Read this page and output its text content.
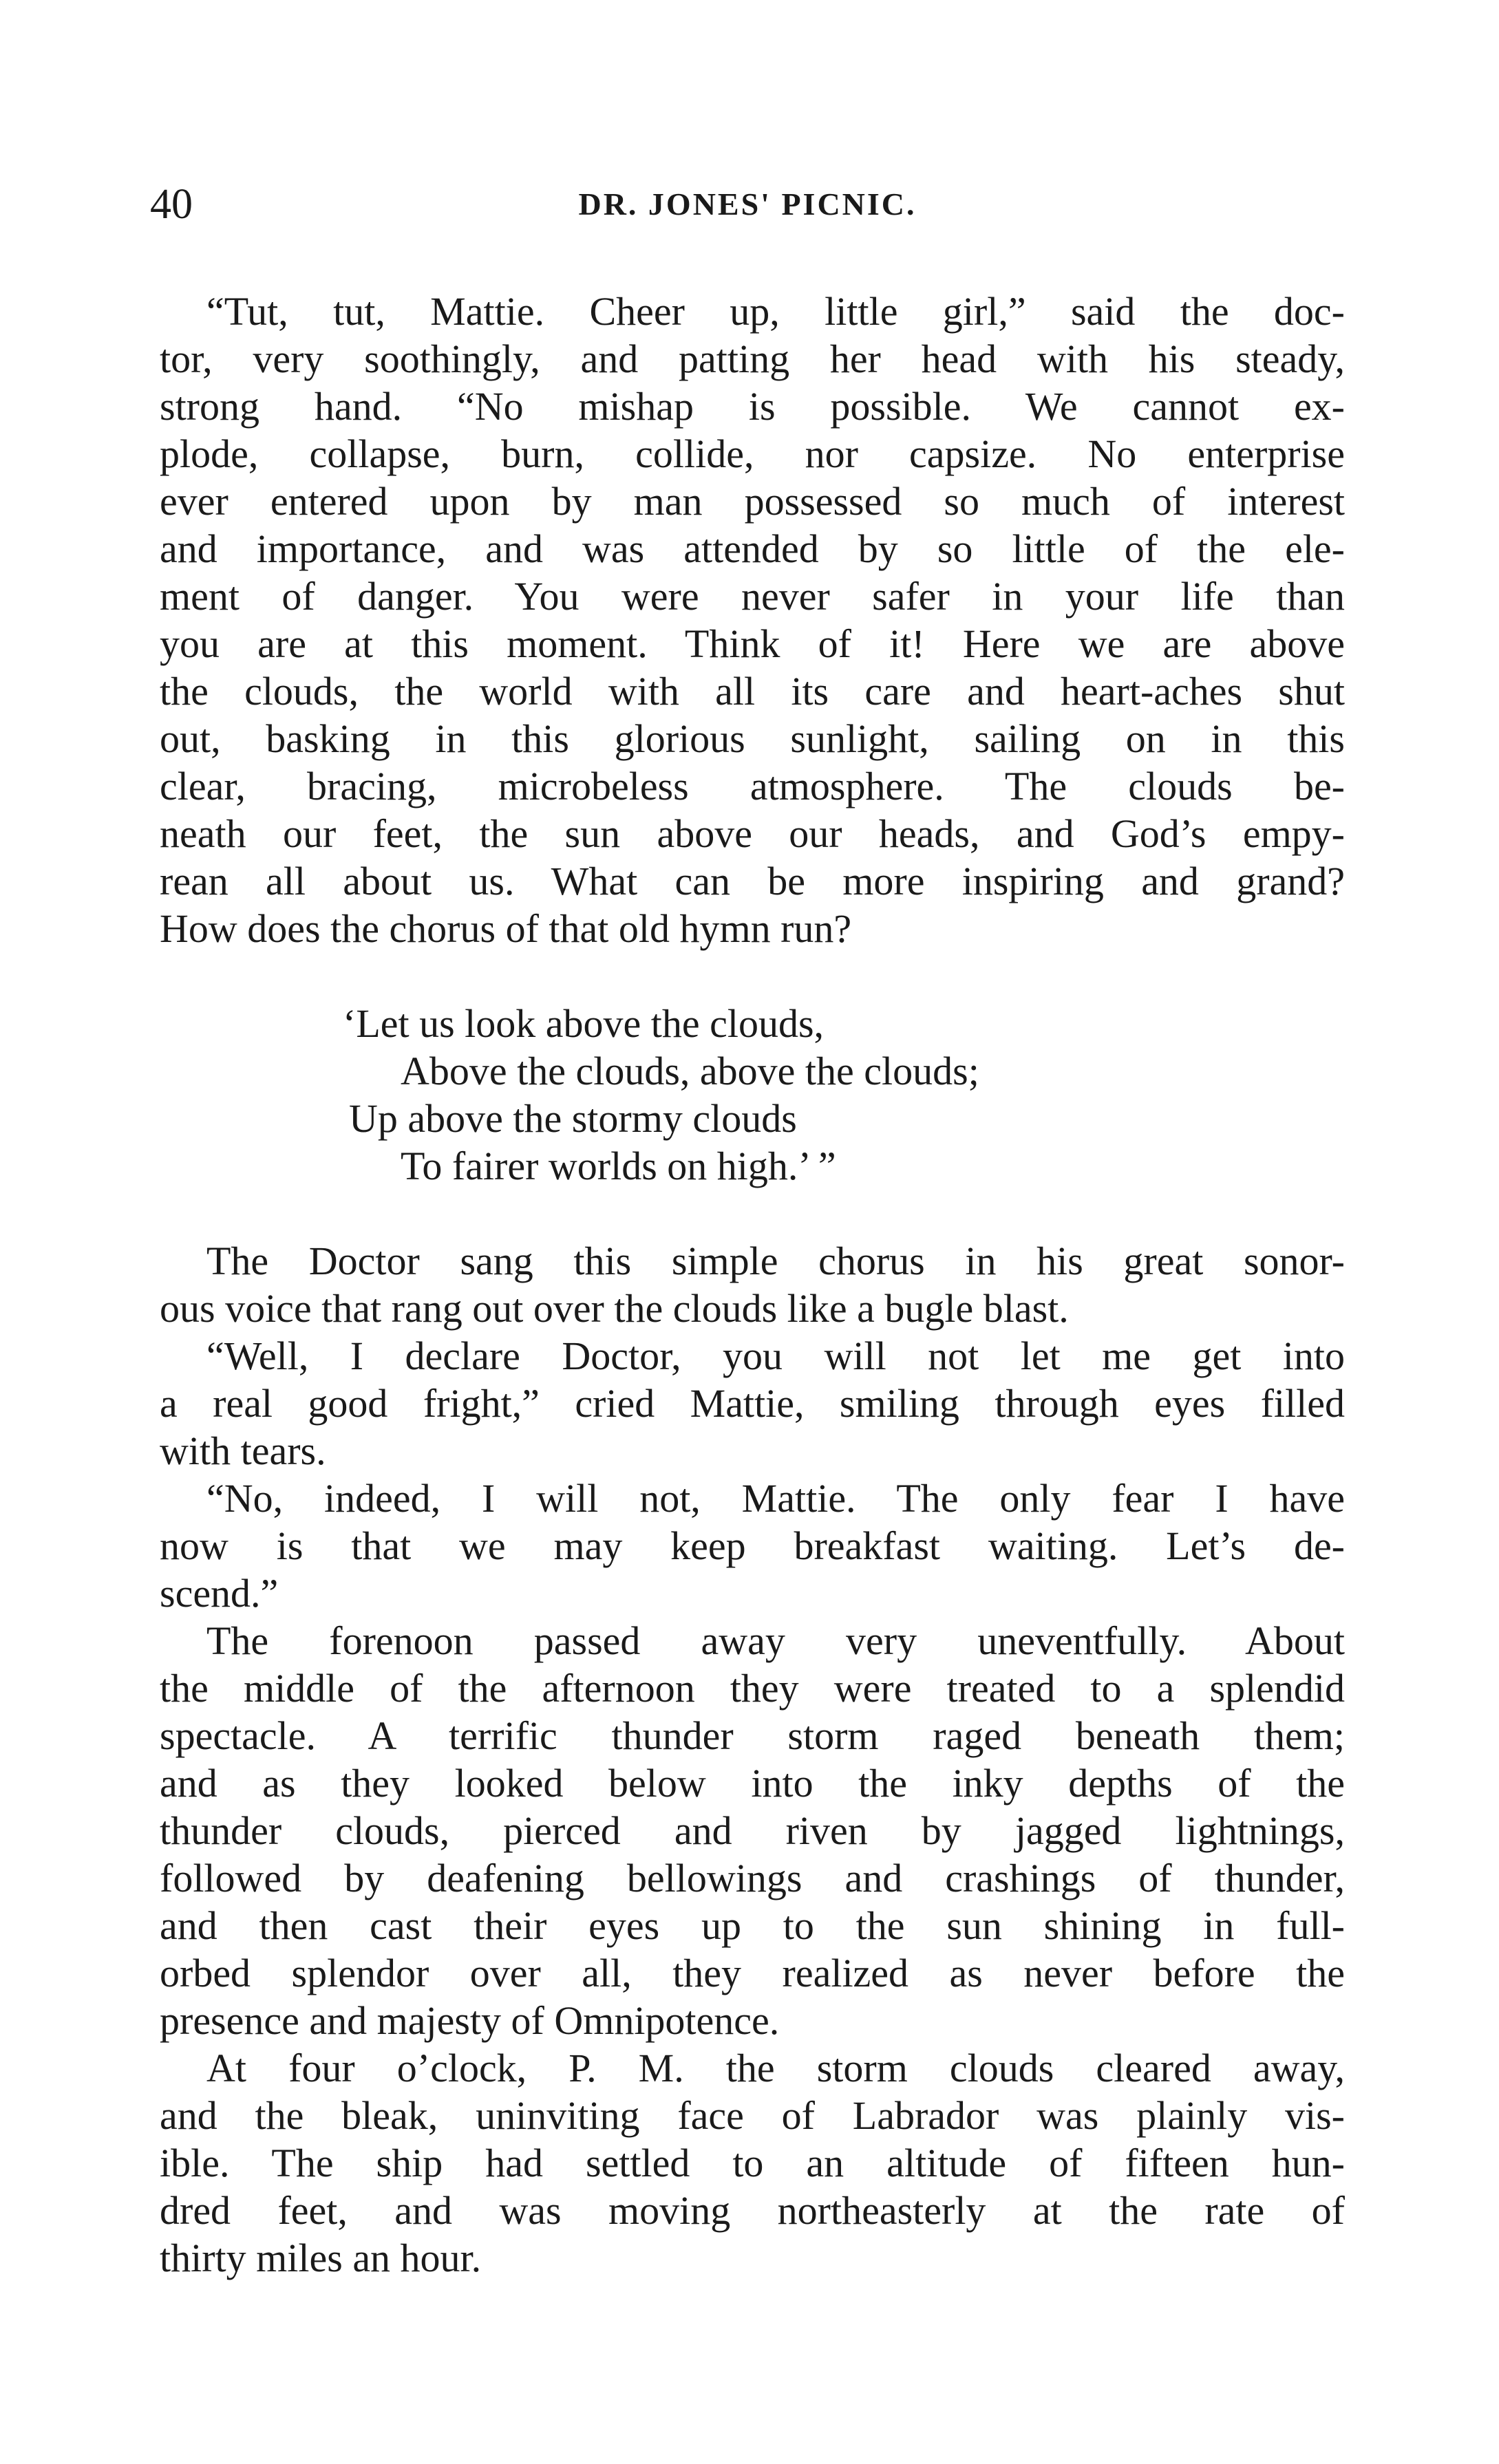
40	DR. JONES' PICNIC.
“Tut, tut, Mattie. Cheer up, little girl,” said the doc-
tor, very soothingly, and patting her head with his steady,
strong hand. “No mishap is possible. We cannot ex-
plode, collapse, burn, collide, nor capsize. No enterprise
ever entered upon by man possessed so much of interest
and importance, and was attended by so little of the ele-
ment of danger. You were never safer in your life than
you are at this moment. Think of it! Here we are above
the clouds, the world with all its care and heart-aches shut
out, basking in this glorious sunlight, sailing on in this
clear, bracing, microbeless atmosphere. The clouds be-
neath our feet, the sun above our heads, and God’s empy-
rean all about us. What can be more inspiring and grand?
How does the chorus of that old hymn run?
‘Let us look above the clouds,
Above the clouds, above the clouds;
Up above the stormy clouds
To fairer worlds on high.’ ”
The Doctor sang this simple chorus in his great sonor-
ous voice that rang out over the clouds like a bugle blast.
“Well, I declare Doctor, you will not let me get into
a real good fright,” cried Mattie, smiling through eyes filled
with tears.
“No, indeed, I will not, Mattie. The only fear I have
now is that we may keep breakfast waiting. Let’s de-
scend.”
The forenoon passed away very uneventfully. About
the middle of the afternoon they were treated to a splendid
spectacle. A terrific thunder storm raged beneath them;
and as they looked below into the inky depths of the
thunder clouds, pierced and riven by jagged lightnings,
followed by deafening bellowings and crashings of thunder,
and then cast their eyes up to the sun shining in full-
orbed splendor over all, they realized as never before the
presence and majesty of Omnipotence.
At four o’clock, P. M. the storm clouds cleared away,
and the bleak, uninviting face of Labrador was plainly vis-
ible. The ship had settled to an altitude of fifteen hun-
dred feet, and was moving northeasterly at the rate of
thirty miles an hour.
